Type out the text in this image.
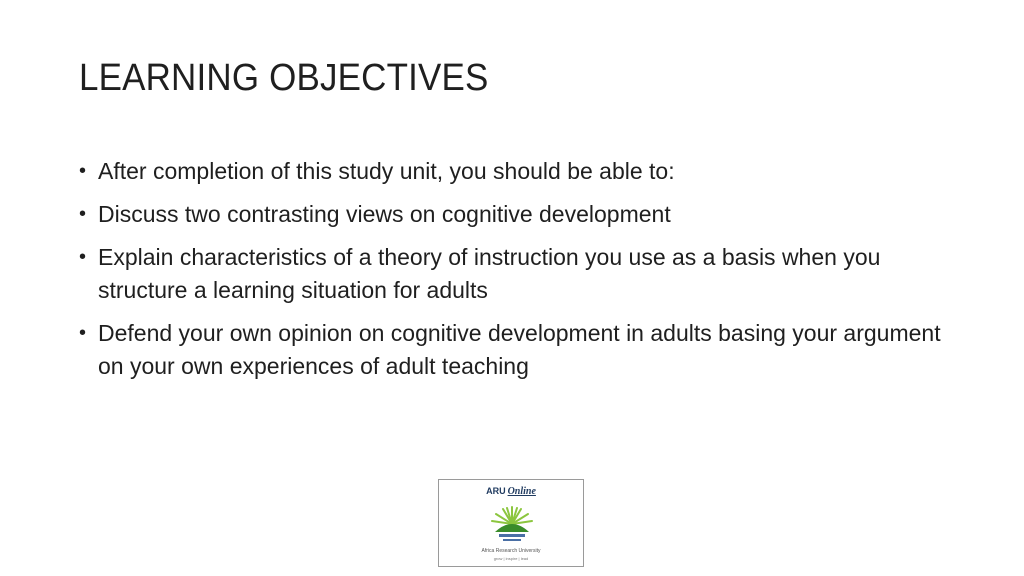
LEARNING OBJECTIVES
• After completion of this study unit, you should be able to:
• Discuss two contrasting views on cognitive development
• Explain characteristics of a theory of instruction you use as a basis when you structure a learning situation for adults
• Defend your own opinion on cognitive development in adults basing your argument on your own experiences of adult teaching
ARU Online
Africa Research University
grow | inspire | lead
